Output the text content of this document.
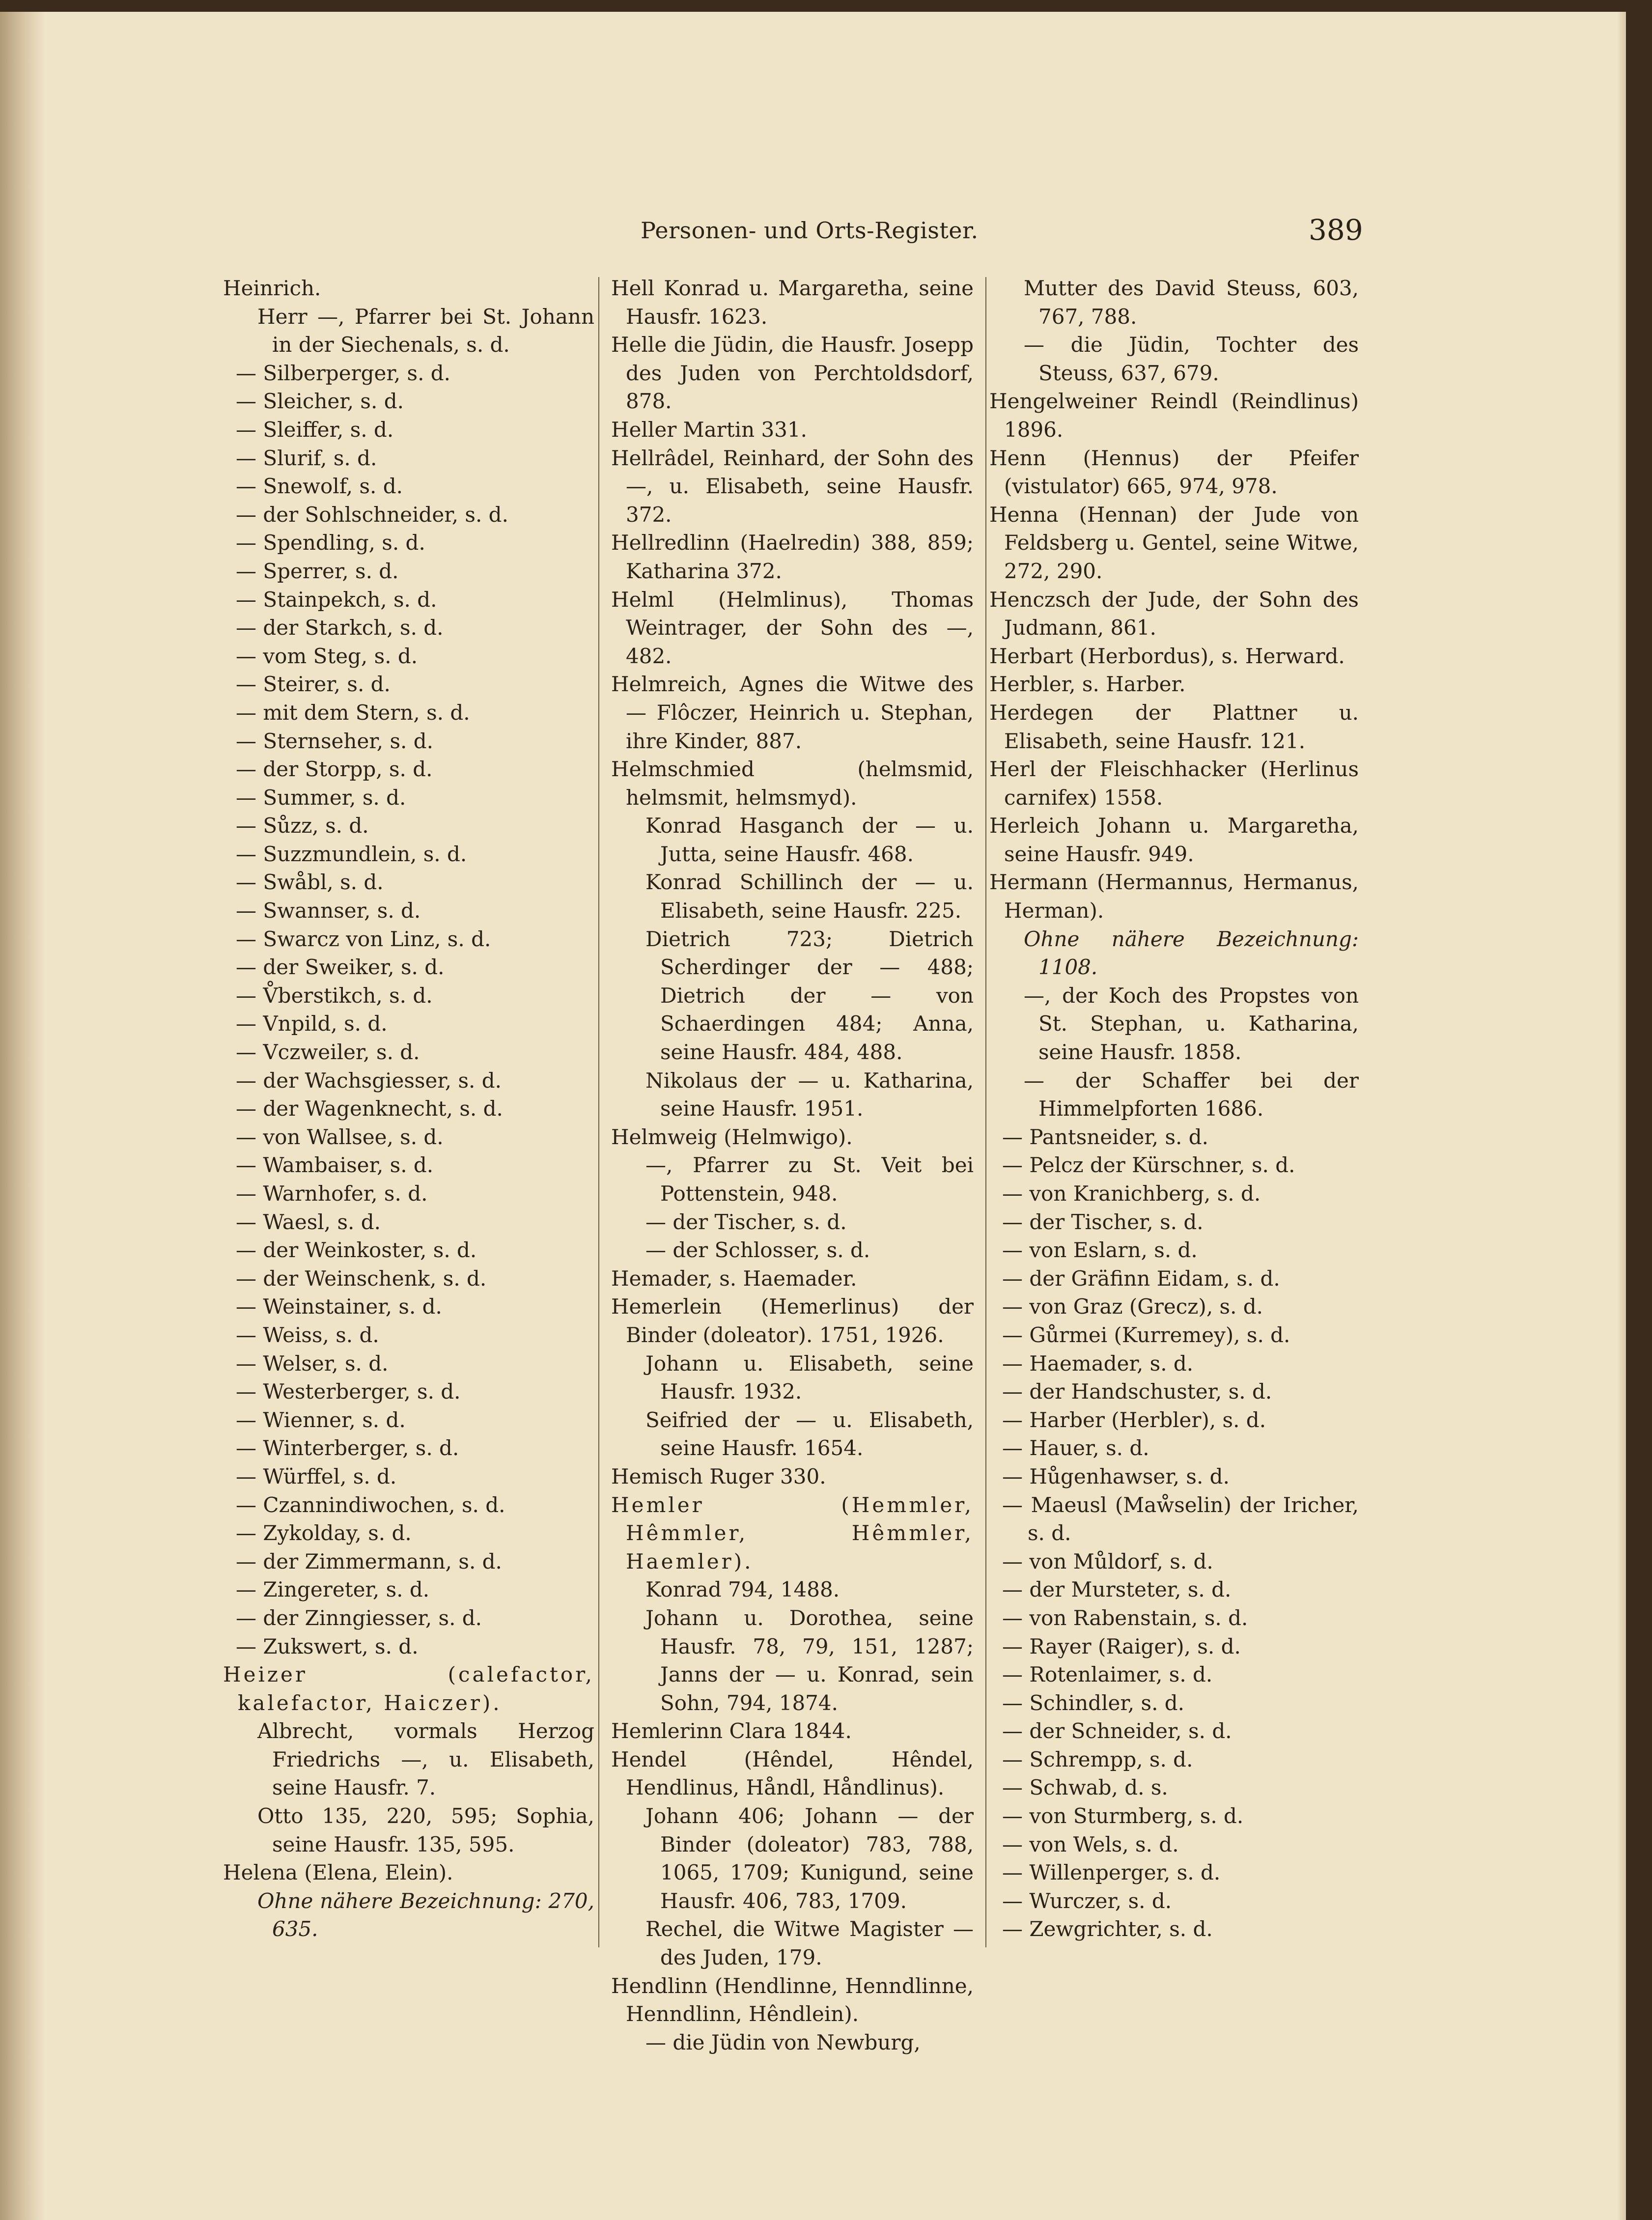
Personen- und Orts-Register.	389

Heinrich.

Herr —, Pfarrer bei St. Johann in der Siechenals, s. d.

— Silberperger, s. d.

— Sleicher, s. d.

— Sleiffer, s. d.

— Slurif, s. d.

— Snewolf, s. d.

— der Sohlschneider, s. d.

— Spendling, s. d.

— Sperrer, s. d.

— Stainpekch, s. d.

— der Starkch, s. d.

— vom Steg, s. d.

— Steirer, s. d.

— mit dem Stern, s. d.

— Sternseher, s. d.

— der Storpp, s. d.

— Summer, s. d.

— Sůzz, s. d.

— Suzzmundlein, s. d.

— Swåbl, s. d.

— Swannser, s. d.

— Swarcz von Linz, s. d.

— der Sweiker, s. d.

— V̊berstikch, s. d.

— Vnpild, s. d.

— Vczweiler, s. d.

— der Wachsgiesser, s. d.

— der Wagenknecht, s. d.

— von Wallsee, s. d.

— Wambaiser, s. d.

— Warnhofer, s. d.

— Waesl, s. d.

— der Weinkoster, s. d.

— der Weinschenk, s. d.

— Weinstainer, s. d.

— Weiss, s. d.

— Welser, s. d.

— Westerberger, s. d.

— Wienner, s. d.

— Winterberger, s. d.

— Würffel, s. d.

— Czannindiwochen, s. d.

— Zykolday, s. d.

— der Zimmermann, s. d.

— Zingereter, s. d.

— der Zinngiesser, s. d.

— Zukswert, s. d.

Heizer (calefactor, kalefactor, Haiczer).

Albrecht, vormals Herzog Friedrichs —, u. Elisabeth, seine Hausfr. 7.

Otto 135, 220, 595; Sophia, seine Hausfr. 135, 595.

Helena (Elena, Elein).

Ohne nähere Bezeichnung: 270, 635.

Hell Konrad u. Margaretha, seine Hausfr. 1623.

Helle die Jüdin, die Hausfr. Josepp des Juden von Perchtoldsdorf, 878.

Heller Martin 331.

Hellrâdel, Reinhard, der Sohn des —, u. Elisabeth, seine Hausfr. 372.

Hellredlinn (Haelredin) 388, 859; Katharina 372.

Helml (Helmlinus), Thomas Weintrager, der Sohn des —, 482.

Helmreich, Agnes die Witwe des — Flôczer, Heinrich u. Stephan, ihre Kinder, 887.

Helmschmied (helmsmid, helmsmit, helmsmyd).

Konrad Hasganch der — u. Jutta, seine Hausfr. 468.

Konrad Schillinch der — u. Elisabeth, seine Hausfr. 225.

Dietrich 723; Dietrich Scherdinger der — 488; Dietrich der — von Schaerdingen 484; Anna, seine Hausfr. 484, 488.

Nikolaus der — u. Katharina, seine Hausfr. 1951.

Helmweig (Helmwigo).

—, Pfarrer zu St. Veit bei Pottenstein, 948.

— der Tischer, s. d.

— der Schlosser, s. d.

Hemader, s. Haemader.

Hemerlein (Hemerlinus) der Binder (doleator). 1751, 1926.

Johann u. Elisabeth, seine Hausfr. 1932.

Seifried der — u. Elisabeth, seine Hausfr. 1654.

Hemisch Ruger 330.

Hemler (Hemmler, Hêmmler, Hêmmler, Haemler).

Konrad 794, 1488.

Johann u. Dorothea, seine Hausfr. 78, 79, 151, 1287; Janns der — u. Konrad, sein Sohn, 794, 1874.

Hemlerinn Clara 1844.

Hendel (Hêndel, Hêndel, Hendlinus, Håndl, Håndlinus).

Johann 406; Johann — der Binder (doleator) 783, 788, 1065, 1709; Kunigund, seine Hausfr. 406, 783, 1709.

Rechel, die Witwe Magister — des Juden, 179.

Hendlinn (Hendlinne, Henndlinne, Henndlinn, Hêndlein).

— die Jüdin von Newburg,

Mutter des David Steuss, 603, 767, 788.

— die Jüdin, Tochter des Steuss, 637, 679.

Hengelweiner Reindl (Reindlinus) 1896.

Henn (Hennus) der Pfeifer (vistulator) 665, 974, 978.

Henna (Hennan) der Jude von Feldsberg u. Gentel, seine Witwe, 272, 290.

Henczsch der Jude, der Sohn des Judmann, 861.

Herbart (Herbordus), s. Herward.

Herbler, s. Harber.

Herdegen der Plattner u. Elisabeth, seine Hausfr. 121.

Herl der Fleischhacker (Herlinus carnifex) 1558.

Herleich Johann u. Margaretha, seine Hausfr. 949.

Hermann (Hermannus, Hermanus, Herman).

Ohne nähere Bezeichnung: 1108.

—, der Koch des Propstes von St. Stephan, u. Katharina, seine Hausfr. 1858.

— der Schaffer bei der Himmelpforten 1686.

— Pantsneider, s. d.

— Pelcz der Kürschner, s. d.

— von Kranichberg, s. d.

— der Tischer, s. d.

— von Eslarn, s. d.

— der Gräfinn Eidam, s. d.

— von Graz (Grecz), s. d.

— Gůrmei (Kurremey), s. d.

— Haemader, s. d.

— der Handschuster, s. d.

— Harber (Herbler), s. d.

— Hauer, s. d.

— Hůgenhawser, s. d.

— Maeusl (Maẘselin) der Iricher, s. d.

— von Můldorf, s. d.

— der Mursteter, s. d.

— von Rabenstain, s. d.

— Rayer (Raiger), s. d.

— Rotenlaimer, s. d.

— Schindler, s. d.

— der Schneider, s. d.

— Schrempp, s. d.

— Schwab, d. s.

— von Sturmberg, s. d.

— von Wels, s. d.

— Willenperger, s. d.

— Wurczer, s. d.

— Zewgrichter, s. d.
